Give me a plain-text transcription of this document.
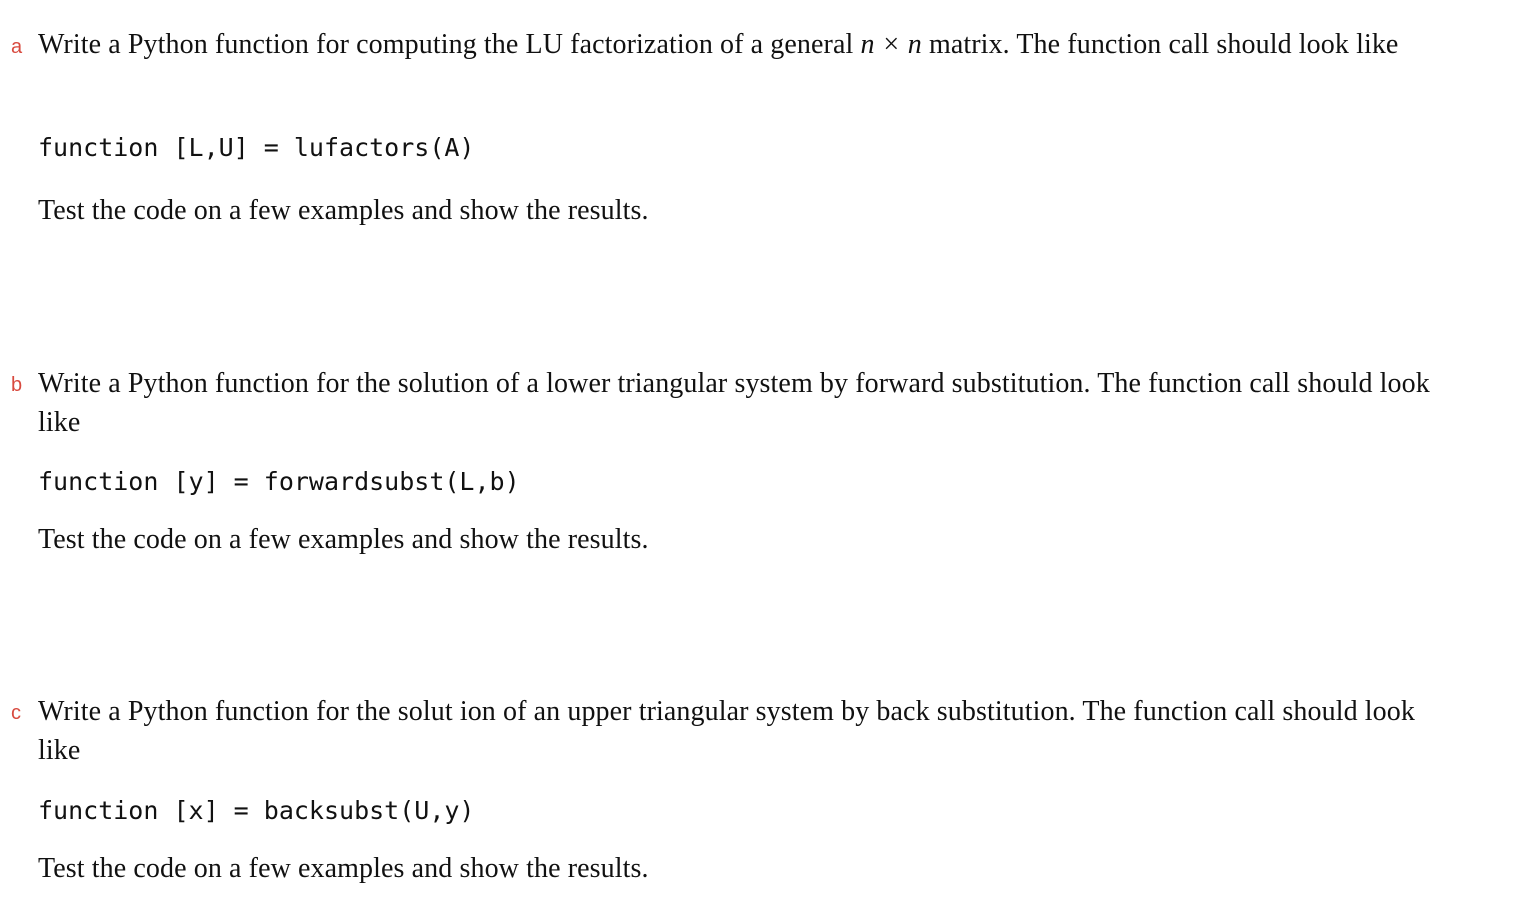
a Write a Python function for computing the LU factorization of a general n × n matrix. The function call should look like
function [L,U] = lufactors(A)
Test the code on a few examples and show the results.
b Write a Python function for the solution of a lower triangular system by forward substitution. The function call should look like
function [y] = forwardsubst(L,b)
Test the code on a few examples and show the results.
c Write a Python function for the solut ion of an upper triangular system by back substitution. The function call should look like
function [x] = backsubst(U,y)
Test the code on a few examples and show the results.
